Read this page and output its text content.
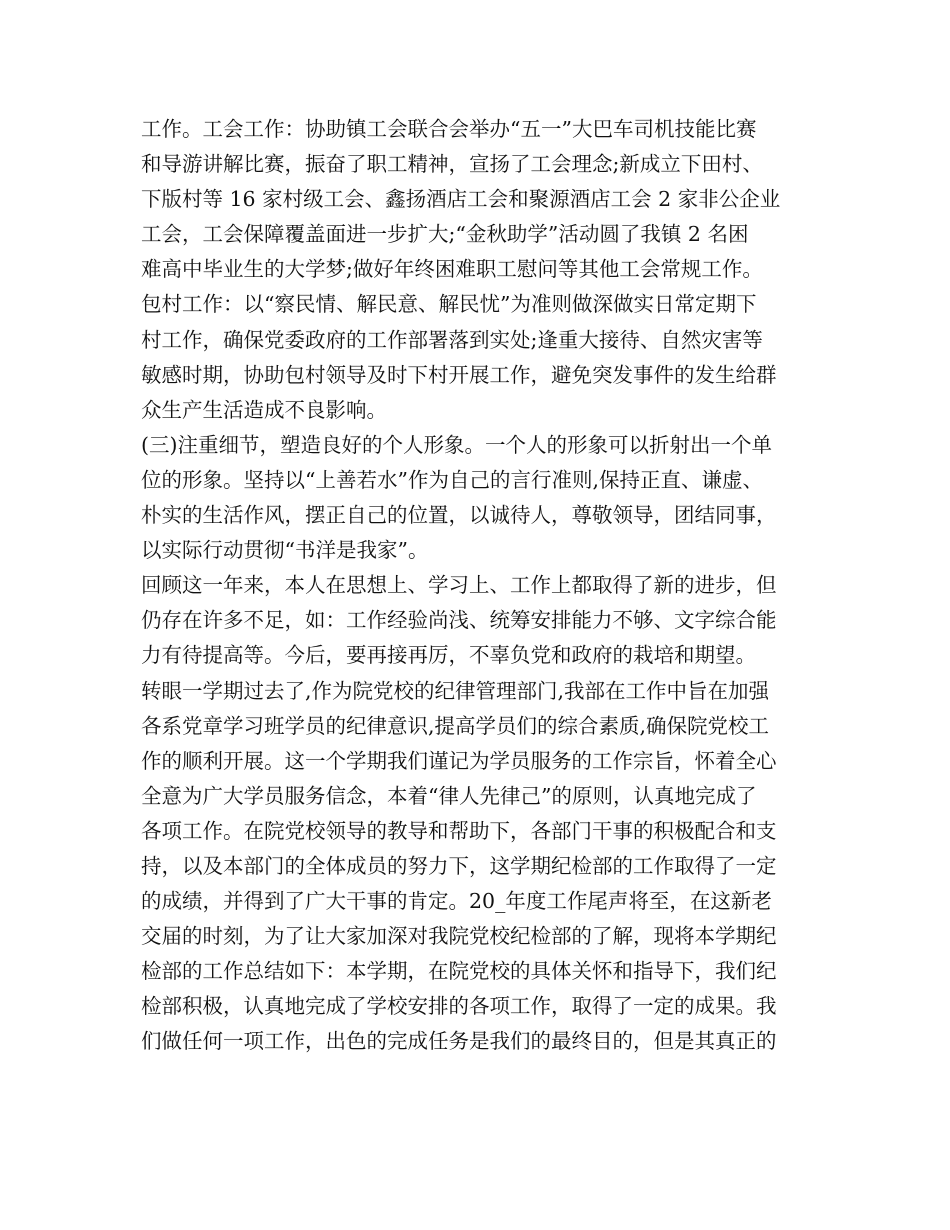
工作。工会工作：协助镇工会联合会举办“五一”大巴车司机技能比赛
和导游讲解比赛，振奋了职工精神，宣扬了工会理念;新成立下田村、
下版村等 16 家村级工会、鑫扬酒店工会和聚源酒店工会 2 家非公企业
工会，工会保障覆盖面进一步扩大;“金秋助学”活动圆了我镇 2 名困
难高中毕业生的大学梦;做好年终困难职工慰问等其他工会常规工作。
包村工作：以“察民情、解民意、解民忧”为准则做深做实日常定期下
村工作，确保党委政府的工作部署落到实处;逢重大接待、自然灾害等
敏感时期，协助包村领导及时下村开展工作，避免突发事件的发生给群
众生产生活造成不良影响。
(三)注重细节，塑造良好的个人形象。一个人的形象可以折射出一个单
位的形象。坚持以“上善若水”作为自己的言行准则,保持正直、谦虚、
朴实的生活作风，摆正自己的位置，以诚待人，尊敬领导，团结同事，
以实际行动贯彻“书洋是我家”。
回顾这一年来，本人在思想上、学习上、工作上都取得了新的进步，但
仍存在许多不足，如：工作经验尚浅、统筹安排能力不够、文字综合能
力有待提高等。今后，要再接再厉，不辜负党和政府的栽培和期望。
转眼一学期过去了,作为院党校的纪律管理部门,我部在工作中旨在加强
各系党章学习班学员的纪律意识,提高学员们的综合素质,确保院党校工
作的顺利开展。这一个学期我们谨记为学员服务的工作宗旨，怀着全心
全意为广大学员服务信念，本着“律人先律己”的原则，认真地完成了
各项工作。在院党校领导的教导和帮助下，各部门干事的积极配合和支
持，以及本部门的全体成员的努力下，这学期纪检部的工作取得了一定
的成绩，并得到了广大干事的肯定。20_年度工作尾声将至，在这新老
交届的时刻，为了让大家加深对我院党校纪检部的了解，现将本学期纪
检部的工作总结如下：本学期，在院党校的具体关怀和指导下，我们纪
检部积极，认真地完成了学校安排的各项工作，取得了一定的成果。我
们做任何一项工作，出色的完成任务是我们的最终目的，但是其真正的
